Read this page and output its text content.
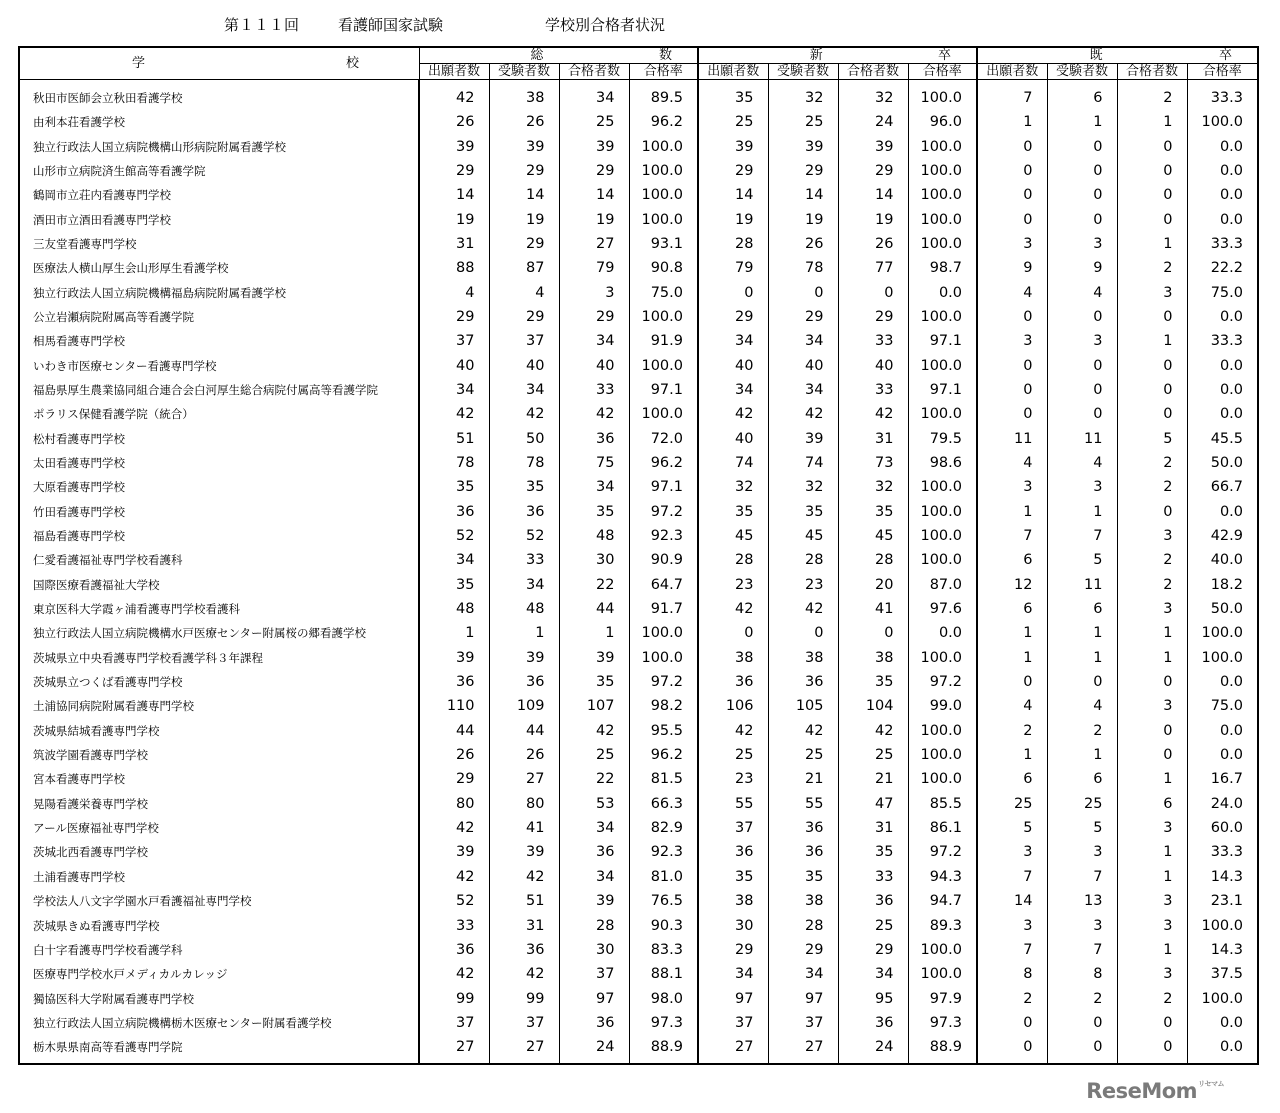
第１１１回	看護師国家試験	学校別合格者状況
学 校	総 数				新 卒				既 卒			

	出願者数	受験者数	合格者数	合格率	出願者数	受験者数	合格者数	合格率	出願者数	受験者数	合格者数	合格率
秋田市医師会立秋田看護学校	42	38	34	89.5	35	32	32	100.0	7	6	2	33.3
由利本荘看護学校	26	26	25	96.2	25	25	24	96.0	1	1	1	100.0
独立行政法人国立病院機構山形病院附属看護学校	39	39	39	100.0	39	39	39	100.0	0	0	0	0.0
山形市立病院済生館高等看護学院	29	29	29	100.0	29	29	29	100.0	0	0	0	0.0
鶴岡市立荘内看護専門学校	14	14	14	100.0	14	14	14	100.0	0	0	0	0.0
酒田市立酒田看護専門学校	19	19	19	100.0	19	19	19	100.0	0	0	0	0.0
三友堂看護専門学校	31	29	27	93.1	28	26	26	100.0	3	3	1	33.3
医療法人横山厚生会山形厚生看護学校	88	87	79	90.8	79	78	77	98.7	9	9	2	22.2
独立行政法人国立病院機構福島病院附属看護学校	4	4	3	75.0	0	0	0	0.0	4	4	3	75.0
公立岩瀬病院附属高等看護学院	29	29	29	100.0	29	29	29	100.0	0	0	0	0.0
相馬看護専門学校	37	37	34	91.9	34	34	33	97.1	3	3	1	33.3
いわき市医療センター看護専門学校	40	40	40	100.0	40	40	40	100.0	0	0	0	0.0
福島県厚生農業協同組合連合会白河厚生総合病院付属高等看護学院	34	34	33	97.1	34	34	33	97.1	0	0	0	0.0
ポラリス保健看護学院（統合）	42	42	42	100.0	42	42	42	100.0	0	0	0	0.0
松村看護専門学校	51	50	36	72.0	40	39	31	79.5	11	11	5	45.5
太田看護専門学校	78	78	75	96.2	74	74	73	98.6	4	4	2	50.0
大原看護専門学校	35	35	34	97.1	32	32	32	100.0	3	3	2	66.7
竹田看護専門学校	36	36	35	97.2	35	35	35	100.0	1	1	0	0.0
福島看護専門学校	52	52	48	92.3	45	45	45	100.0	7	7	3	42.9
仁愛看護福祉専門学校看護科	34	33	30	90.9	28	28	28	100.0	6	5	2	40.0
国際医療看護福祉大学校	35	34	22	64.7	23	23	20	87.0	12	11	2	18.2
東京医科大学霞ヶ浦看護専門学校看護科	48	48	44	91.7	42	42	41	97.6	6	6	3	50.0
独立行政法人国立病院機構水戸医療センター附属桜の郷看護学校	1	1	1	100.0	0	0	0	0.0	1	1	1	100.0
茨城県立中央看護専門学校看護学科３年課程	39	39	39	100.0	38	38	38	100.0	1	1	1	100.0
茨城県立つくば看護専門学校	36	36	35	97.2	36	36	35	97.2	0	0	0	0.0
土浦協同病院附属看護専門学校	110	109	107	98.2	106	105	104	99.0	4	4	3	75.0
茨城県結城看護専門学校	44	44	42	95.5	42	42	42	100.0	2	2	0	0.0
筑波学園看護専門学校	26	26	25	96.2	25	25	25	100.0	1	1	0	0.0
宮本看護専門学校	29	27	22	81.5	23	21	21	100.0	6	6	1	16.7
晃陽看護栄養専門学校	80	80	53	66.3	55	55	47	85.5	25	25	6	24.0
アール医療福祉専門学校	42	41	34	82.9	37	36	31	86.1	5	5	3	60.0
茨城北西看護専門学校	39	39	36	92.3	36	36	35	97.2	3	3	1	33.3
土浦看護専門学校	42	42	34	81.0	35	35	33	94.3	7	7	1	14.3
学校法人八文字学園水戸看護福祉専門学校	52	51	39	76.5	38	38	36	94.7	14	13	3	23.1
茨城県きぬ看護専門学校	33	31	28	90.3	30	28	25	89.3	3	3	3	100.0
白十字看護専門学校看護学科	36	36	30	83.3	29	29	29	100.0	7	7	1	14.3
医療専門学校水戸メディカルカレッジ	42	42	37	88.1	34	34	34	100.0	8	8	3	37.5
獨協医科大学附属看護専門学校	99	99	97	98.0	97	97	95	97.9	2	2	2	100.0
独立行政法人国立病院機構栃木医療センター附属看護学校	37	37	36	97.3	37	37	36	97.3	0	0	0	0.0
栃木県県南高等看護専門学院	27	27	24	88.9	27	27	24	88.9	0	0	0	0.0
ReseMom$^{リセマム}$
